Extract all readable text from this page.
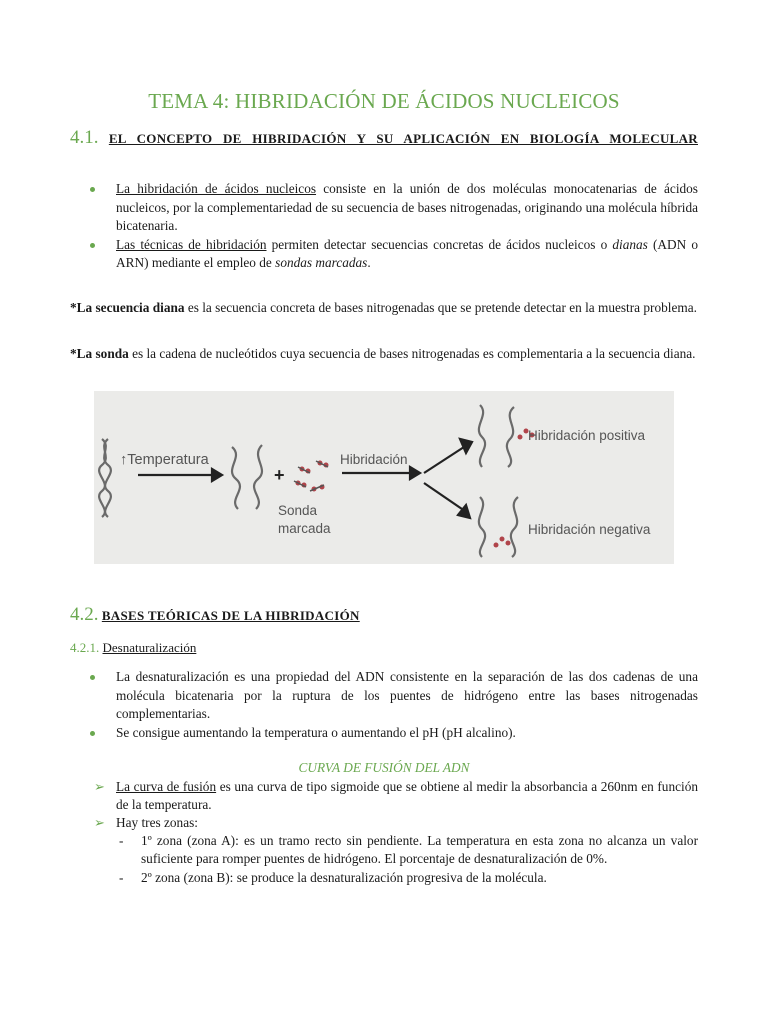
TEMA 4: HIBRIDACIÓN DE ÁCIDOS NUCLEICOS
4.1. EL CONCEPTO DE HIBRIDACIÓN Y SU APLICACIÓN EN BIOLOGÍA MOLECULAR
La hibridación de ácidos nucleicos consiste en la unión de dos moléculas monocatenarias de ácidos nucleicos, por la complementariedad de su secuencia de bases nitrogenadas, originando una molécula híbrida bicatenaria.
Las técnicas de hibridación permiten detectar secuencias concretas de ácidos nucleicos o dianas (ADN o ARN) mediante el empleo de sondas marcadas.
*La secuencia diana es la secuencia concreta de bases nitrogenadas que se pretende detectar en la muestra problema.
*La sonda es la cadena de nucleótidos cuya secuencia de bases nitrogenadas es complementaria a la secuencia diana.
4.2. BASES TEÓRICAS DE LA HIBRIDACIÓN
4.2.1. Desnaturalización
La desnaturalización es una propiedad del ADN consistente en la separación de las dos cadenas de una molécula bicatenaria por la ruptura de los puentes de hidrógeno entre las bases nitrogenadas complementarias.
Se consigue aumentando la temperatura o aumentando el pH (pH alcalino).
CURVA DE FUSIÓN DEL ADN
➢ La curva de fusión es una curva de tipo sigmoide que se obtiene al medir la absorbancia a 260nm en función de la temperatura.
➢ Hay tres zonas:
- 1º zona (zona A): es un tramo recto sin pendiente. La temperatura en esta zona no alcanza un valor suficiente para romper puentes de hidrógeno. El porcentaje de desnaturalización de 0%.
- 2º zona (zona B): se produce la desnaturalización progresiva de la molécula.
↑Temperatura
+
Sonda
marcada
Hibridación
Hibridación positiva
Hibridación negativa
